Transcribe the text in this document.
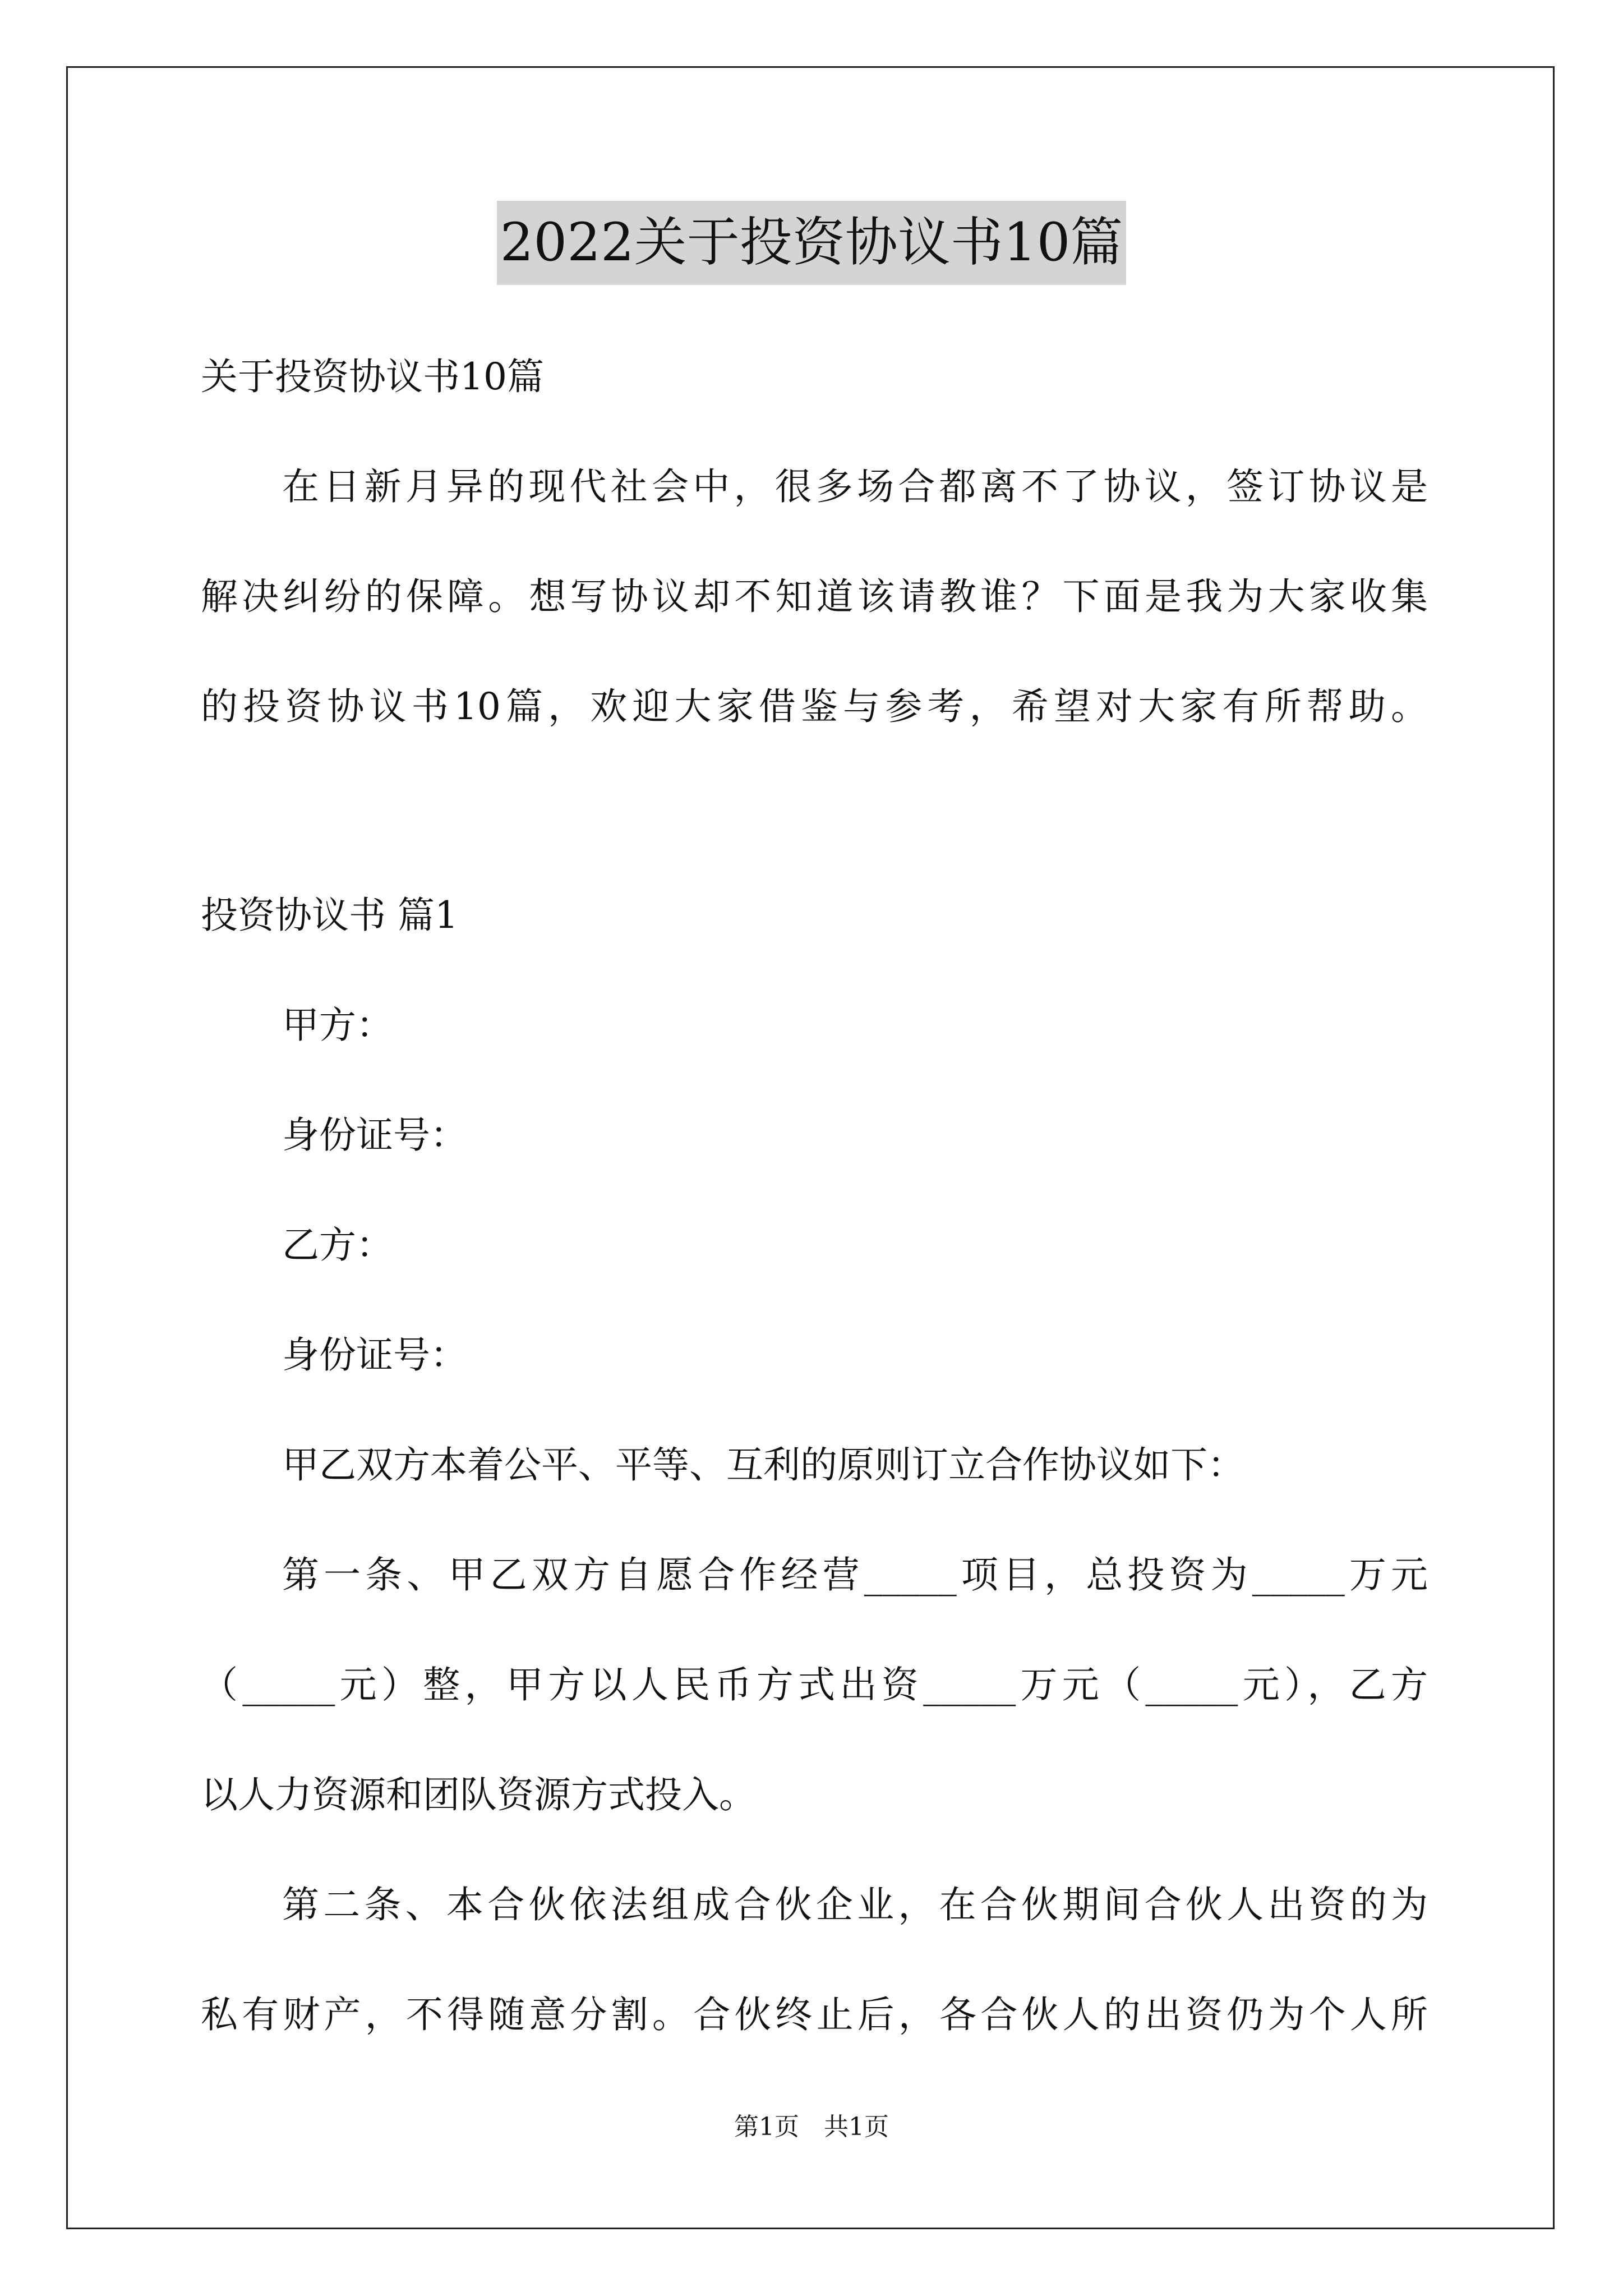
2022关于投资协议书10篇
关于投资协议书10篇
在日新月异的现代社会中，很多场合都离不了协议，签订协议是
解决纠纷的保障。想写协议却不知道该请教谁？下面是我为大家收集
的投资协议书10篇，欢迎大家借鉴与参考，希望对大家有所帮助。
投资协议书 篇1
甲方：
身份证号：
乙方：
身份证号：
甲乙双方本着公平、平等、互利的原则订立合作协议如下：
第一条、甲乙双方自愿合作经营_____项目，总投资为_____万元
（_____元）整，甲方以人民币方式出资_____万元（_____元），乙方
以人力资源和团队资源方式投入。
第二条、本合伙依法组成合伙企业，在合伙期间合伙人出资的为
私有财产，不得随意分割。合伙终止后，各合伙人的出资仍为个人所
第1页　共1页
